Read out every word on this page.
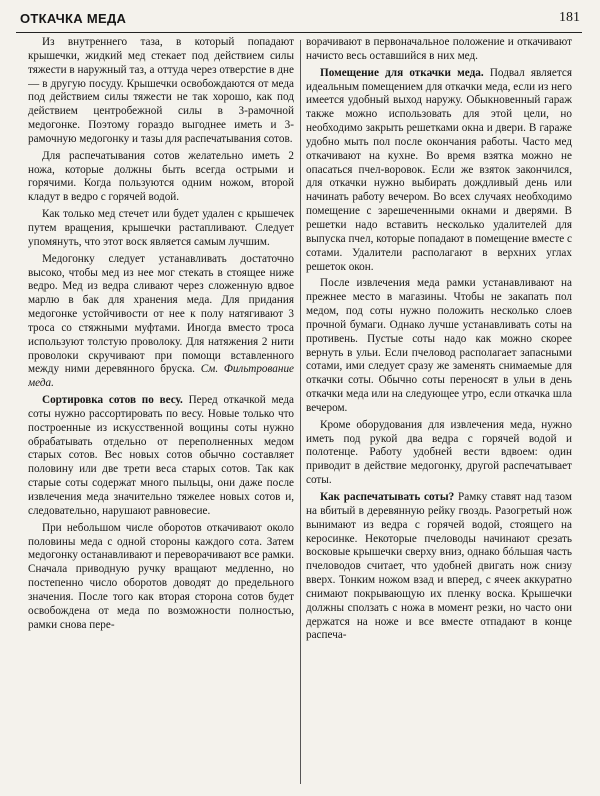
ОТКАЧКА МЕДА	181

Из внутреннего таза, в который попадают крышечки, жидкий мед стекает под действием силы тяжести в наружный таз, а оттуда через отверстие в дне — в другую посуду. Крышечки освобождаются от меда под действием силы тяжести не так хорошо, как под действием центробежной силы в 3-рамочной медогонке. Поэтому гораздо выгоднее иметь и 3-рамочную медогонку и тазы для распечатывания сотов.

Для распечатывания сотов желательно иметь 2 ножа, которые должны быть всегда острыми и горячими. Когда пользуются одним ножом, второй кладут в ведро с горячей водой.

Как только мед стечет или будет удален с крышечек путем вращения, крышечки растапливают. Следует упомянуть, что этот воск является самым лучшим.

Медогонку следует устанавливать достаточно высоко, чтобы мед из нее мог стекать в стоящее ниже ведро. Мед из ведра сливают через сложенную вдвое марлю в бак для хранения меда. Для придания медогонке устойчивости от нее к полу натягивают 3 троса со стяжными муфтами. Иногда вместо троса используют толстую проволоку. Для натяжения 2 нити проволоки скручивают при помощи вставленного между ними деревянного бруска. См. Фильтрование меда.

Сортировка сотов по весу. Перед откачкой меда соты нужно рассортировать по весу. Новые только что построенные из искусственной вощины соты нужно обрабатывать отдельно от переполненных медом старых сотов. Вес новых сотов обычно составляет половину или две трети веса старых сотов. Так как старые соты содержат много пыльцы, они даже после извлечения меда значительно тяжелее новых сотов и, следовательно, нарушают равновесие.

При небольшом числе оборотов откачивают около половины меда с одной стороны каждого сота. Затем медогонку останавливают и переворачивают все рамки. Сначала приводную ручку вращают медленно, но постепенно число оборотов доводят до предельного значения. После того как вторая сторона сотов будет освобождена от меда по возможности полностью, рамки снова пере-

ворачивают в первоначальное положение и откачивают начисто весь оставшийся в них мед.

Помещение для откачки меда. Подвал является идеальным помещением для откачки меда, если из него имеется удобный выход наружу. Обыкновенный гараж также можно использовать для этой цели, но необходимо закрыть решетками окна и двери. В гараже удобно мыть пол после окончания работы. Часто мед откачивают на кухне. Во время взятка можно не опасаться пчел-воровок. Если же взяток закончился, для откачки нужно выбирать дождливый день или начинать работу вечером. Во всех случаях необходимо помещение с зарешеченными окнами и дверями. В решетки надо вставить несколько удалителей для выпуска пчел, которые попадают в помещение вместе с сотами. Удалители располагают в верхних углах решеток окон.

После извлечения меда рамки устанавливают на прежнее место в магазины. Чтобы не закапать пол медом, под соты нужно положить несколько слоев прочной бумаги. Однако лучше устанавливать соты на противень. Пустые соты надо как можно скорее вернуть в ульи. Если пчеловод располагает запасными сотами, ими следует сразу же заменять снимаемые для откачки соты. Обычно соты переносят в ульи в день откачки меда или на следующее утро, если откачка шла вечером.

Кроме оборудования для извлечения меда, нужно иметь под рукой два ведра с горячей водой и полотенце. Работу удобней вести вдвоем: один приводит в действие медогонку, другой распечатывает соты.

Как распечатывать соты? Рамку ставят над тазом на вбитый в деревянную рейку гвоздь. Разогретый нож вынимают из ведра с горячей водой, стоящего на керосинке. Некоторые пчеловоды начинают срезать восковые крышечки сверху вниз, однако бóльшая часть пчеловодов считает, что удобней двигать нож снизу вверх. Тонким ножом взад и вперед, с ячеек аккуратно снимают покрывающую их пленку воска. Крышечки должны сползать с ножа в момент резки, но часто они держатся на ноже и все вместе отпадают в конце распеча-
